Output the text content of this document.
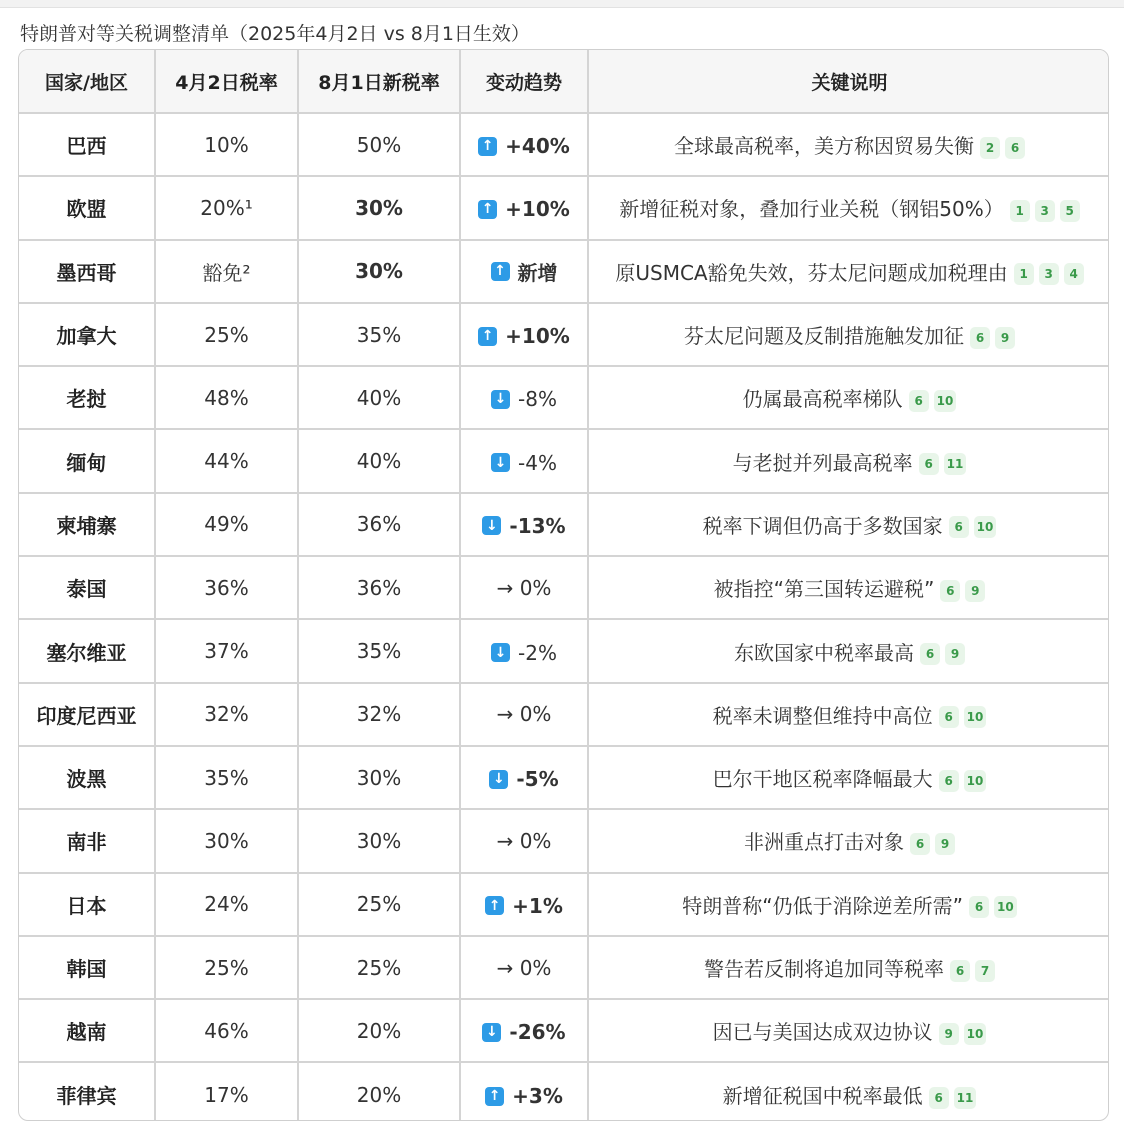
特朗普对等关税调整清单（2025年4月2日 vs 8月1日生效）
国家/地区	4月2日税率	8月1日新税率	变动趋势	关键说明
巴西	10%	50%	↑ +40%	全球最高税率，美方称因贸易失衡 2 6

欧盟	20%¹	30%	↑ +10%	新增征税对象，叠加行业关税（钢铝50%） 1 3 5

墨西哥	豁免²	30%	↑ 新增	原USMCA豁免失效，芬太尼问题成加税理由 1 3 4

加拿大	25%	35%	↑ +10%	芬太尼问题及反制措施触发加征 6 9

老挝	48%	40%	↓ -8%	仍属最高税率梯队 6 10

缅甸	44%	40%	↓ -4%	与老挝并列最高税率 6 11

柬埔寨	49%	36%	↓ -13%	税率下调但仍高于多数国家 6 10

泰国	36%	36%	→ 0%	被指控“第三国转运避税” 6 9

塞尔维亚	37%	35%	↓ -2%	东欧国家中税率最高 6 9

印度尼西亚	32%	32%	→ 0%	税率未调整但维持中高位 6 10

波黑	35%	30%	↓ -5%	巴尔干地区税率降幅最大 6 10

南非	30%	30%	→ 0%	非洲重点打击对象 6 9

日本	24%	25%	↑ +1%	特朗普称“仍低于消除逆差所需” 6 10

韩国	25%	25%	→ 0%	警告若反制将追加同等税率 6 7

越南	46%	20%	↓ -26%	因已与美国达成双边协议 9 10

菲律宾	17%	20%	↑ +3%	新增征税国中税率最低 6 11
